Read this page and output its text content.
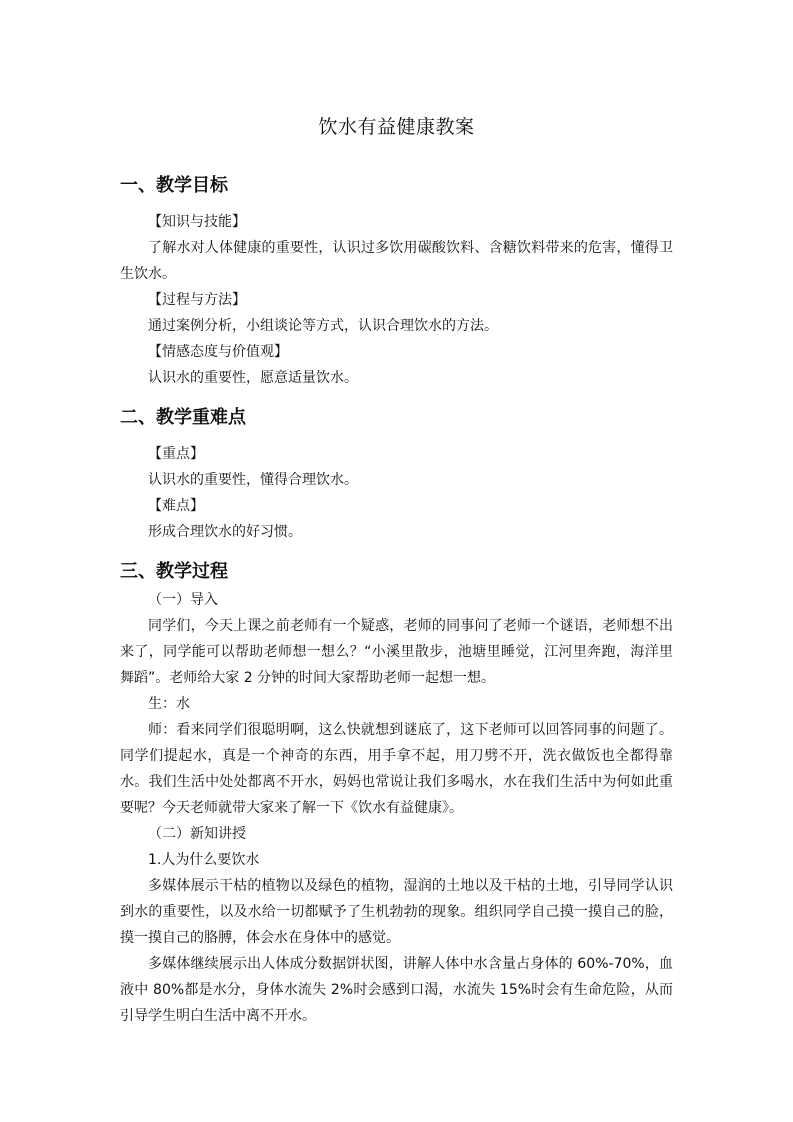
饮水有益健康教案
一、教学目标
【知识与技能】
了解水对人体健康的重要性，认识过多饮用碳酸饮料、含糖饮料带来的危害，懂得卫生饮水。
【过程与方法】
通过案例分析，小组谈论等方式，认识合理饮水的方法。
【情感态度与价值观】
认识水的重要性，愿意适量饮水。
二、教学重难点
【重点】
认识水的重要性，懂得合理饮水。
【难点】
形成合理饮水的好习惯。
三、教学过程
（一）导入
同学们，今天上课之前老师有一个疑惑，老师的同事问了老师一个谜语，老师想不出来了，同学能可以帮助老师想一想么？“小溪里散步，池塘里睡觉，江河里奔跑，海洋里舞蹈”。老师给大家 2 分钟的时间大家帮助老师一起想一想。
生：水
师：看来同学们很聪明啊，这么快就想到谜底了，这下老师可以回答同事的问题了。同学们提起水，真是一个神奇的东西，用手拿不起，用刀劈不开，洗衣做饭也全都得靠水。我们生活中处处都离不开水，妈妈也常说让我们多喝水，水在我们生活中为何如此重要呢？今天老师就带大家来了解一下《饮水有益健康》。
（二）新知讲授
1.人为什么要饮水
多媒体展示干枯的植物以及绿色的植物，湿润的土地以及干枯的土地，引导同学认识到水的重要性，以及水给一切都赋予了生机勃勃的现象。组织同学自己摸一摸自己的脸，摸一摸自己的胳膊，体会水在身体中的感觉。
多媒体继续展示出人体成分数据饼状图，讲解人体中水含量占身体的 60%-70%，血液中 80%都是水分，身体水流失 2%时会感到口渴，水流失 15%时会有生命危险，从而引导学生明白生活中离不开水。
